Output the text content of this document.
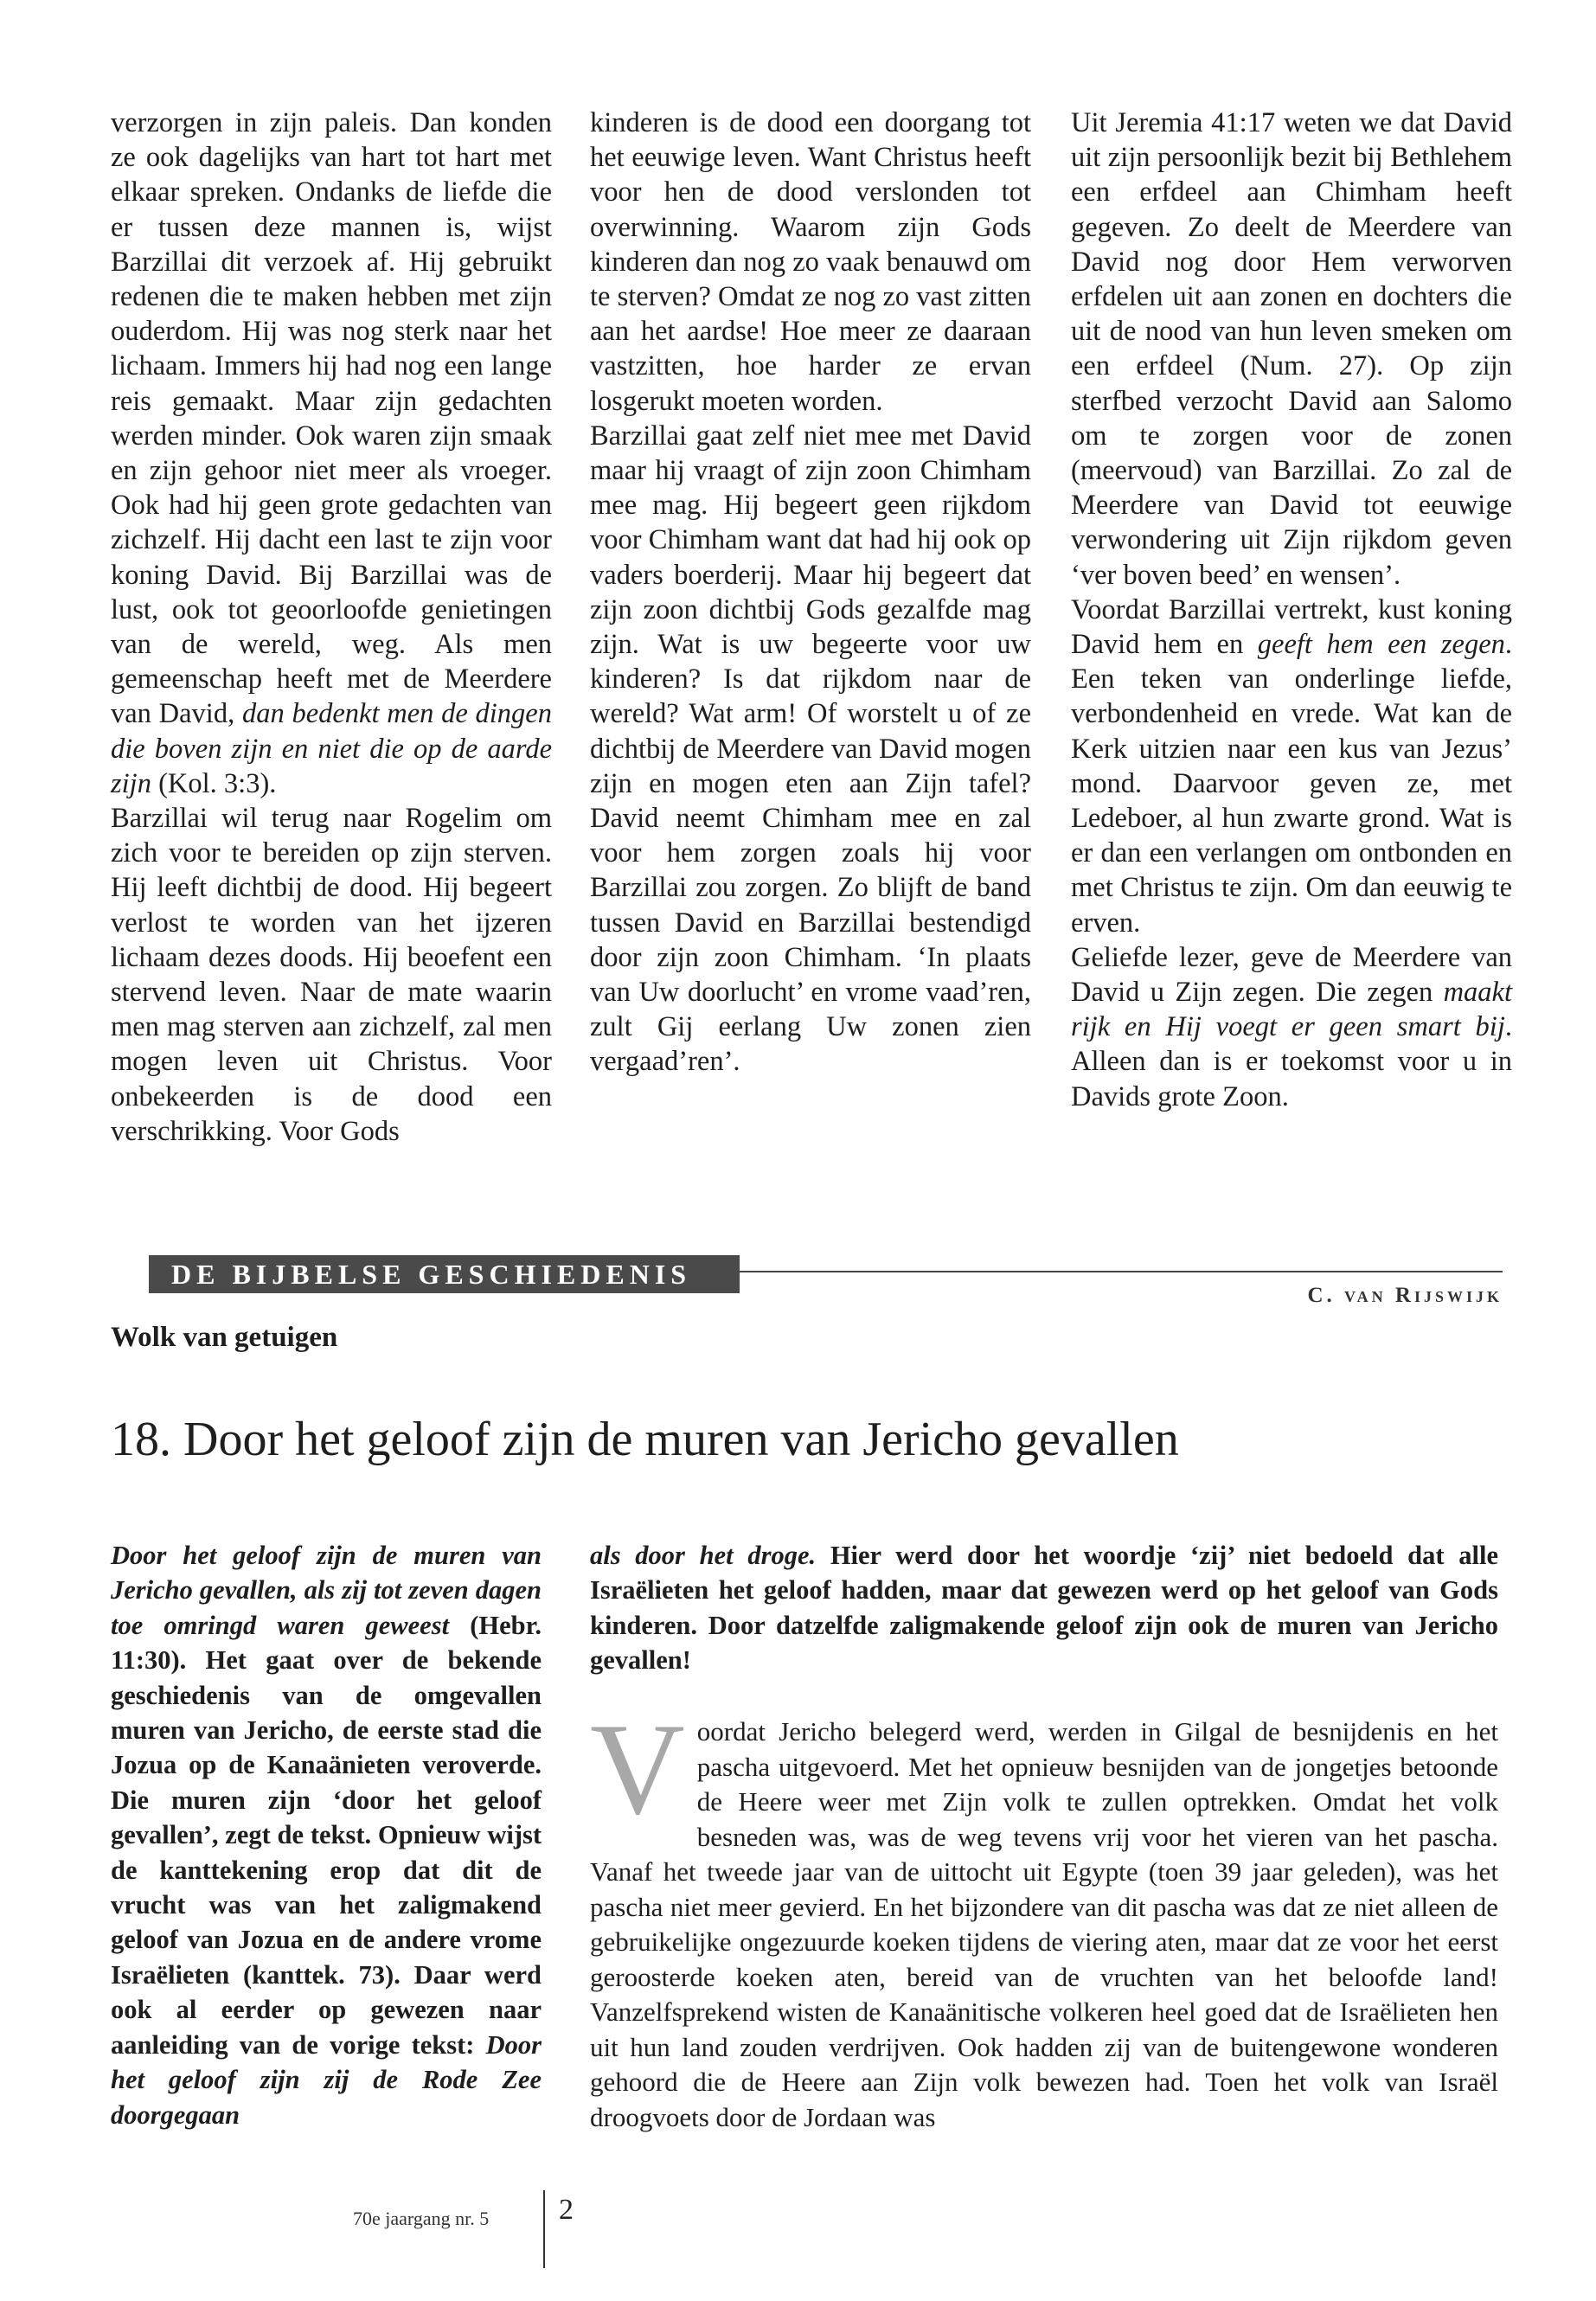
verzorgen in zijn paleis. Dan konden ze ook dagelijks van hart tot hart met elkaar spreken. Ondanks de liefde die er tussen deze mannen is, wijst Barzillai dit verzoek af. Hij gebruikt redenen die te maken hebben met zijn ouderdom. Hij was nog sterk naar het lichaam. Immers hij had nog een lange reis gemaakt. Maar zijn gedachten werden minder. Ook waren zijn smaak en zijn gehoor niet meer als vroeger. Ook had hij geen grote gedachten van zichzelf. Hij dacht een last te zijn voor koning David. Bij Barzillai was de lust, ook tot geoorloofde genietingen van de wereld, weg. Als men gemeenschap heeft met de Meerdere van David, dan bedenkt men de dingen die boven zijn en niet die op de aarde zijn (Kol. 3:3).

Barzillai wil terug naar Rogelim om zich voor te bereiden op zijn sterven. Hij leeft dichtbij de dood. Hij begeert verlost te worden van het ijzeren lichaam dezes doods. Hij beoefent een stervend leven. Naar de mate waarin men mag sterven aan zichzelf, zal men mogen leven uit Christus. Voor onbekeerden is de dood een verschrikking. Voor Gods

kinderen is de dood een doorgang tot het eeuwige leven. Want Christus heeft voor hen de dood verslonden tot overwinning. Waarom zijn Gods kinderen dan nog zo vaak benauwd om te sterven? Omdat ze nog zo vast zitten aan het aardse! Hoe meer ze daaraan vastzitten, hoe harder ze ervan losgerukt moeten worden.

Barzillai gaat zelf niet mee met David maar hij vraagt of zijn zoon Chimham mee mag. Hij begeert geen rijkdom voor Chimham want dat had hij ook op vaders boerderij. Maar hij begeert dat zijn zoon dichtbij Gods gezalfde mag zijn. Wat is uw begeerte voor uw kinderen? Is dat rijkdom naar de wereld? Wat arm! Of worstelt u of ze dichtbij de Meerdere van David mogen zijn en mogen eten aan Zijn tafel? David neemt Chimham mee en zal voor hem zorgen zoals hij voor Barzillai zou zorgen. Zo blijft de band tussen David en Barzillai bestendigd door zijn zoon Chimham. ‘In plaats van Uw doorlucht’ en vrome vaad’ren, zult Gij eerlang Uw zonen zien vergaad’ren’.

Uit Jeremia 41:17 weten we dat David uit zijn persoonlijk bezit bij Bethlehem een erfdeel aan Chimham heeft gegeven. Zo deelt de Meerdere van David nog door Hem verworven erfdelen uit aan zonen en dochters die uit de nood van hun leven smeken om een erfdeel (Num. 27). Op zijn sterfbed verzocht David aan Salomo om te zorgen voor de zonen (meervoud) van Barzillai. Zo zal de Meerdere van David tot eeuwige verwondering uit Zijn rijkdom geven ‘ver boven beed’ en wensen’.

Voordat Barzillai vertrekt, kust koning David hem en geeft hem een zegen. Een teken van onderlinge liefde, verbondenheid en vrede. Wat kan de Kerk uitzien naar een kus van Jezus’ mond. Daarvoor geven ze, met Ledeboer, al hun zwarte grond. Wat is er dan een verlangen om ontbonden en met Christus te zijn. Om dan eeuwig te erven.

Geliefde lezer, geve de Meerdere van David u Zijn zegen. Die zegen maakt rijk en Hij voegt er geen smart bij. Alleen dan is er toekomst voor u in Davids grote Zoon.

DE BIJBELSE GESCHIEDENIS
C. van Rijswijk
Wolk van getuigen
18. Door het geloof zijn de muren van Jericho gevallen
Door het geloof zijn de muren van Jericho gevallen, als zij tot zeven dagen toe omringd waren geweest (Hebr. 11:30). Het gaat over de bekende geschiedenis van de omgevallen muren van Jericho, de eerste stad die Jozua op de Kanaänieten veroverde. Die muren zijn ‘door het geloof gevallen’, zegt de tekst. Opnieuw wijst de kanttekening erop dat dit de vrucht was van het zaligmakend geloof van Jozua en de andere vrome Israëlieten (kanttek. 73). Daar werd ook al eerder op gewezen naar aanleiding van de vorige tekst: Door het geloof zijn zij de Rode Zee doorgegaan
als door het droge. Hier werd door het woordje ‘zij’ niet bedoeld dat alle Israëlieten het geloof hadden, maar dat gewezen werd op het geloof van Gods kinderen. Door datzelfde zaligmakende geloof zijn ook de muren van Jericho gevallen!
Voordat Jericho belegerd werd, werden in Gilgal de besnijdenis en het pascha uitgevoerd. Met het opnieuw besnijden van de jongetjes betoonde de Heere weer met Zijn volk te zullen optrekken. Omdat het volk besneden was, was de weg tevens vrij voor het vieren van het pascha. Vanaf het tweede jaar van de uittocht uit Egypte (toen 39 jaar geleden), was het pascha niet meer gevierd. En het bijzondere van dit pascha was dat ze niet alleen de gebruikelijke ongezuurde koeken tijdens de viering aten, maar dat ze voor het eerst geroosterde koeken aten, bereid van de vruchten van het beloofde land! Vanzelfsprekend wisten de Kanaänitische volkeren heel goed dat de Israëlieten hen uit hun land zouden verdrijven. Ook hadden zij van de buitengewone wonderen gehoord die de Heere aan Zijn volk bewezen had. Toen het volk van Israël droogvoets door de Jordaan was
70e jaargang nr. 5 2
